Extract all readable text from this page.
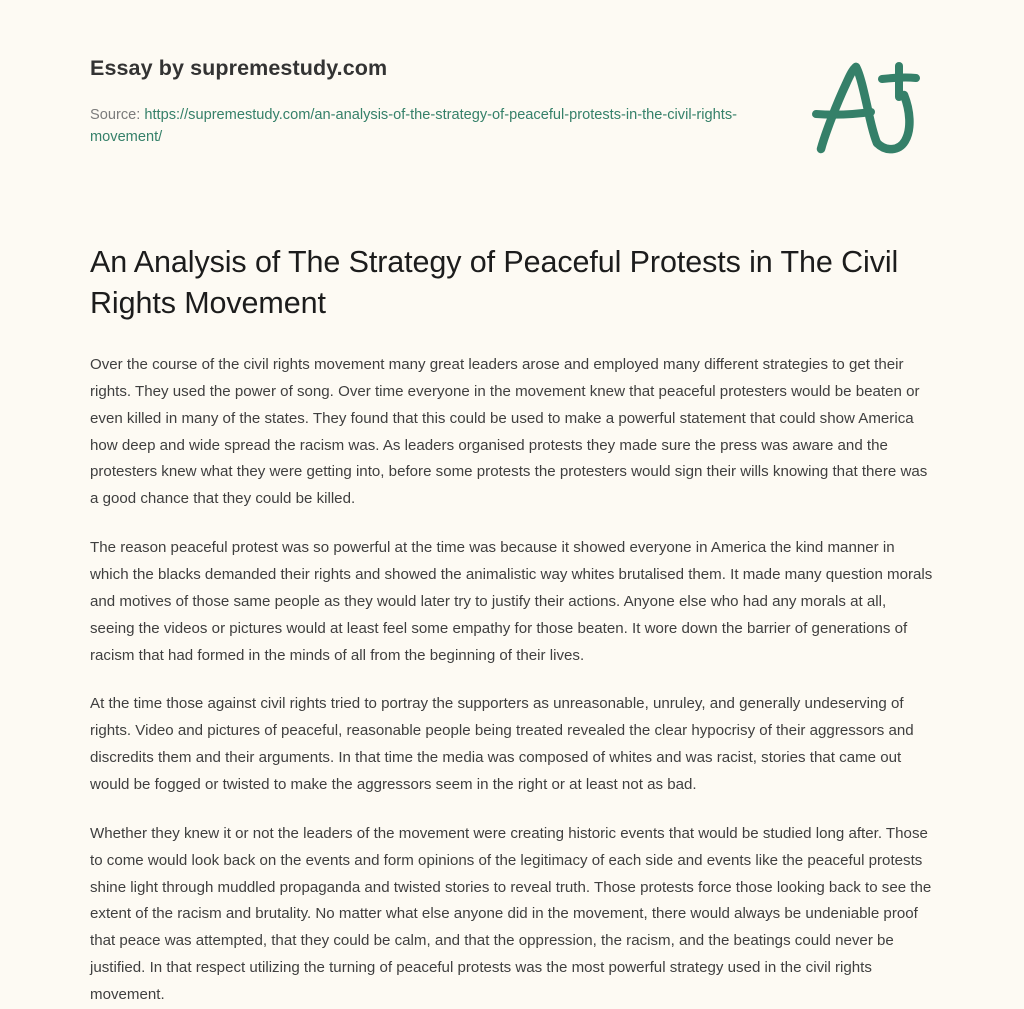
Essay by supremestudy.com
Source: https://supremestudy.com/an-analysis-of-the-strategy-of-peaceful-protests-in-the-civil-rights-movement/
An Analysis of The Strategy of Peaceful Protests in The Civil Rights Movement

Over the course of the civil rights movement many great leaders arose and employed many different strategies to get their rights. They used the power of song. Over time everyone in the movement knew that peaceful protesters would be beaten or even killed in many of the states. They found that this could be used to make a powerful statement that could show America how deep and wide spread the racism was. As leaders organised protests they made sure the press was aware and the protesters knew what they were getting into, before some protests the protesters would sign their wills knowing that there was a good chance that they could be killed.

The reason peaceful protest was so powerful at the time was because it showed everyone in America the kind manner in which the blacks demanded their rights and showed the animalistic way whites brutalised them. It made many question morals and motives of those same people as they would later try to justify their actions. Anyone else who had any morals at all, seeing the videos or pictures would at least feel some empathy for those beaten. It wore down the barrier of generations of racism that had formed in the minds of all from the beginning of their lives.

At the time those against civil rights tried to portray the supporters as unreasonable, unruley, and generally undeserving of rights. Video and pictures of peaceful, reasonable people being treated revealed the clear hypocrisy of their aggressors and discredits them and their arguments. In that time the media was composed of whites and was racist, stories that came out would be fogged or twisted to make the aggressors seem in the right or at least not as bad.

Whether they knew it or not the leaders of the movement were creating historic events that would be studied long after. Those to come would look back on the events and form opinions of the legitimacy of each side and events like the peaceful protests shine light through muddled propaganda and twisted stories to reveal truth. Those protests force those looking back to see the extent of the racism and brutality. No matter what else anyone did in the movement, there would always be undeniable proof that peace was attempted, that they could be calm, and that the oppression, the racism, and the beatings could never be justified. In that respect utilizing the turning of peaceful protests was the most powerful strategy used in the civil rights movement.
